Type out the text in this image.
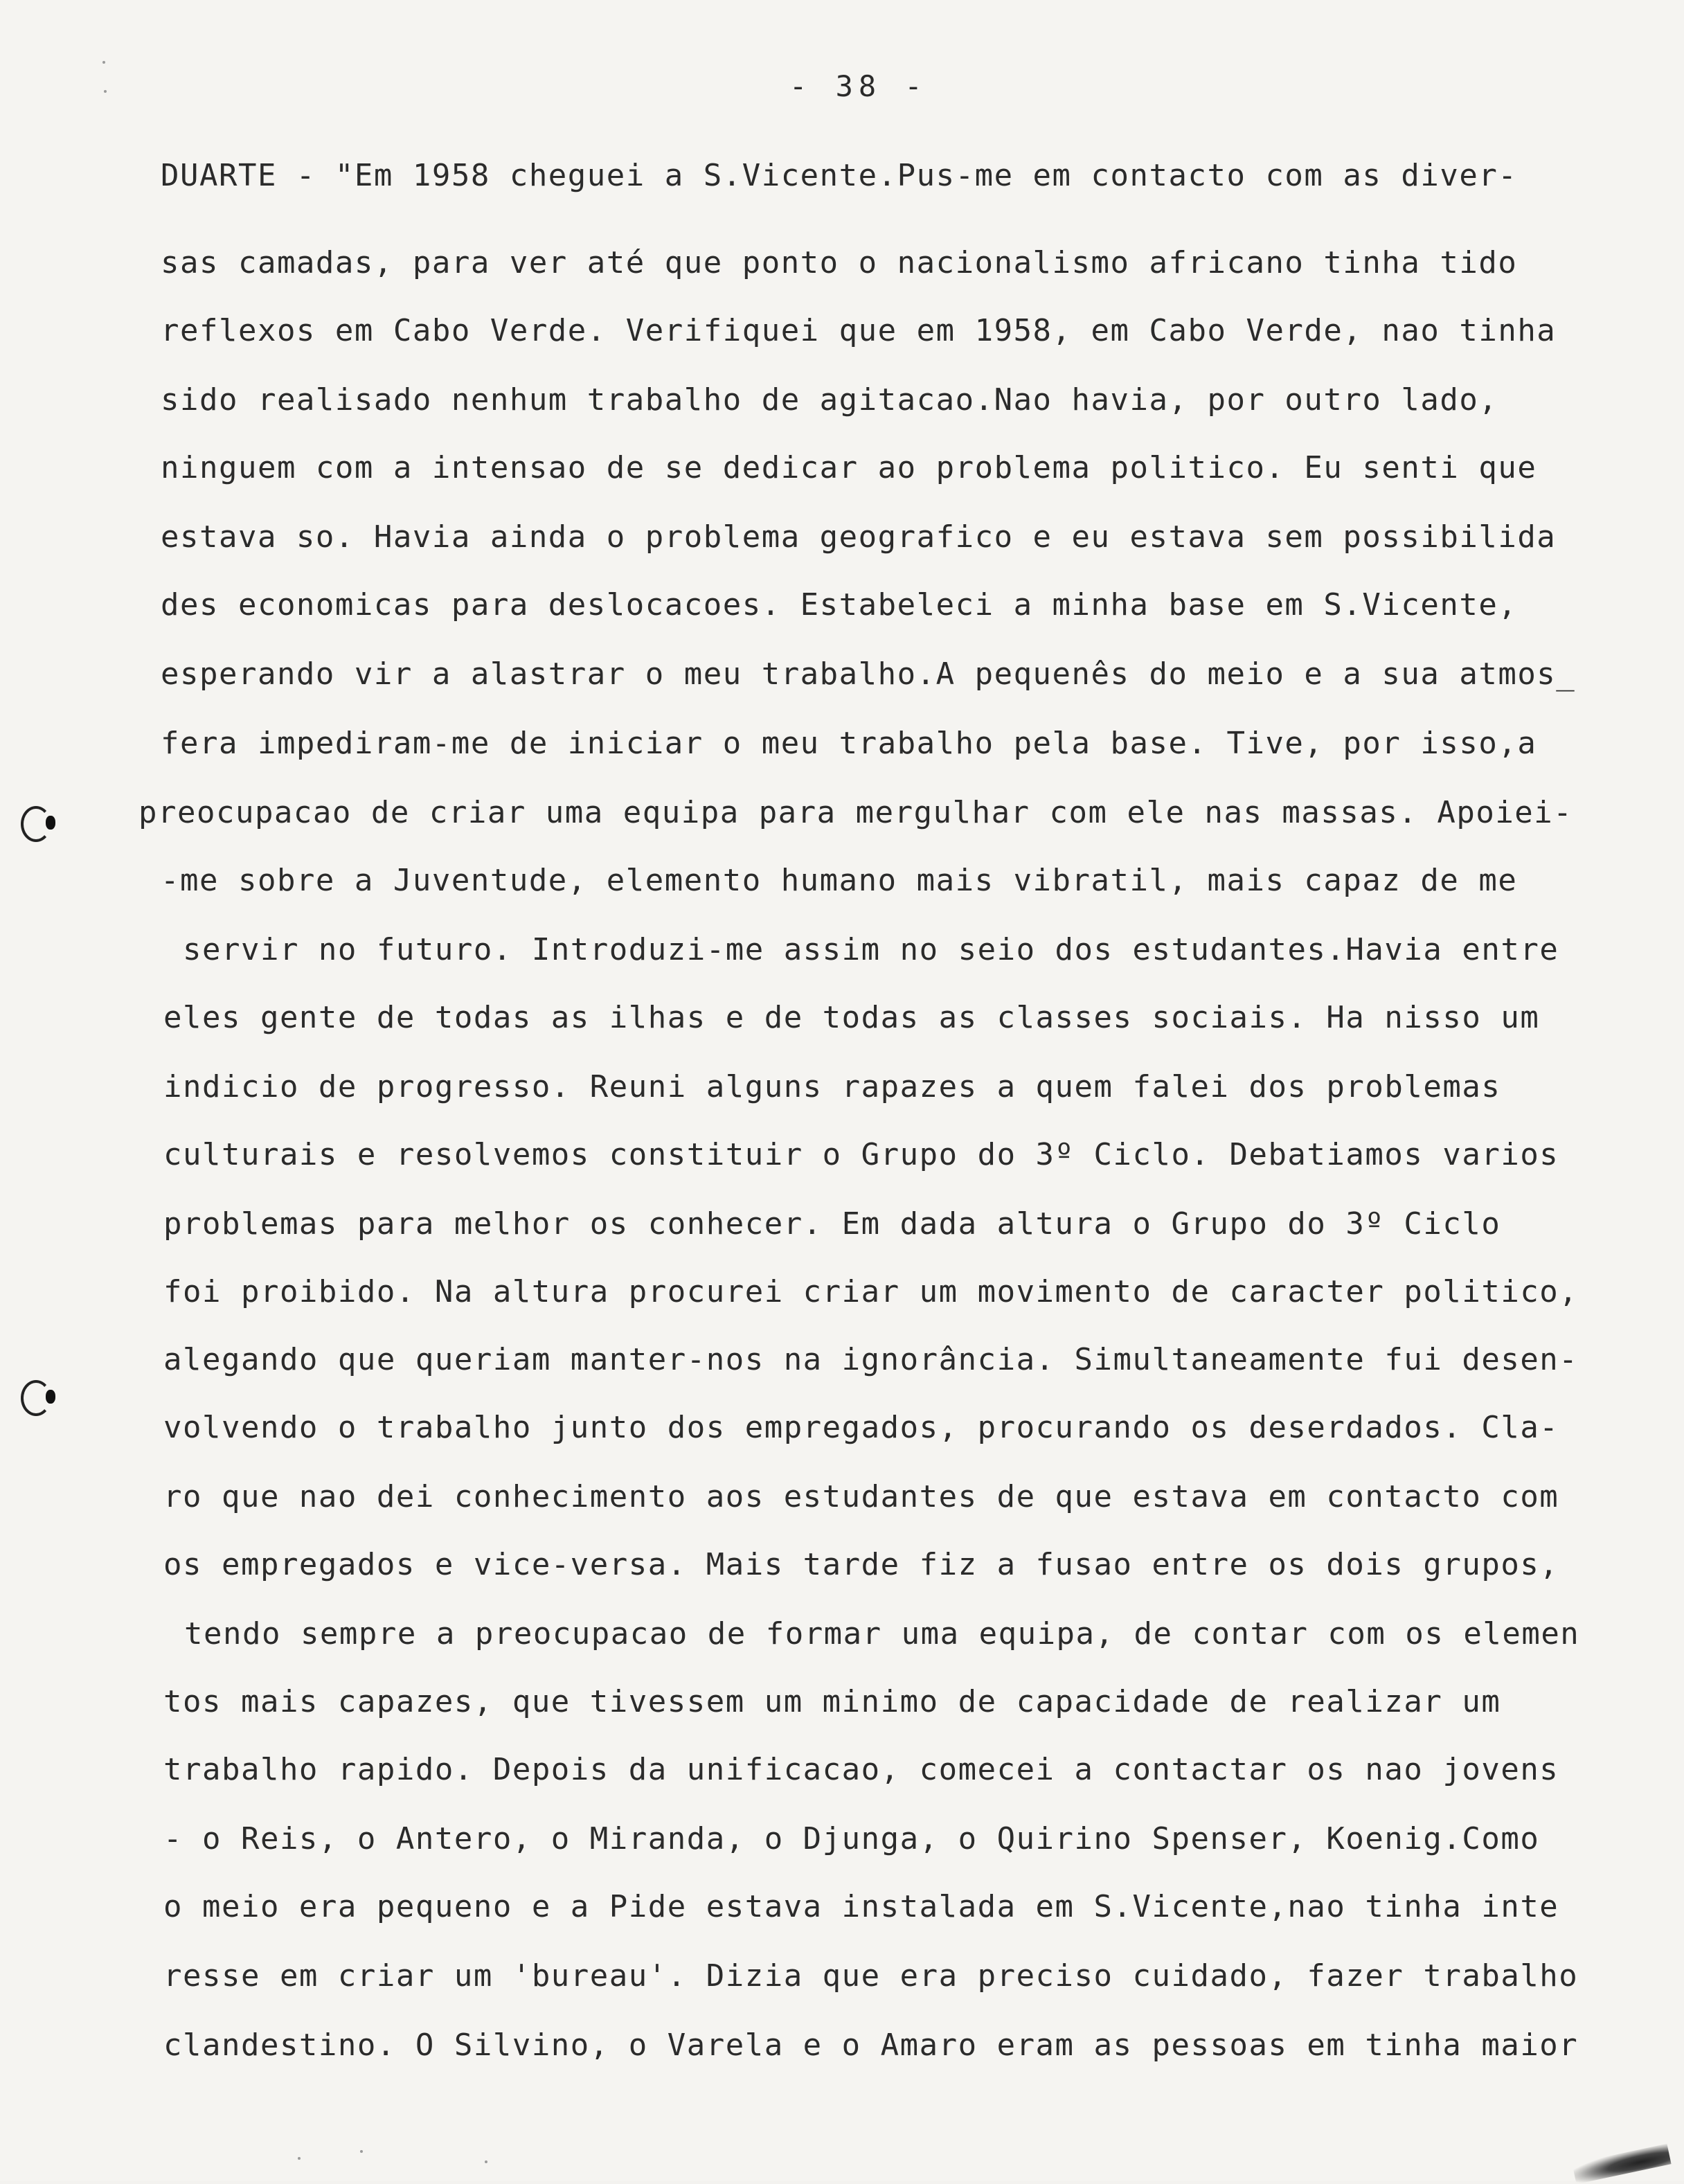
- 38 -
DUARTE - "Em 1958 cheguei a S.Vicente.Pus-me em contacto com as diver-
sas camadas, para ver até que ponto o nacionalismo africano tinha tido
reflexos em Cabo Verde. Verifiquei que em 1958, em Cabo Verde, nao tinha
sido realisado nenhum trabalho de agitacao.Nao havia, por outro lado,
ninguem com a intensao de se dedicar ao problema politico. Eu senti que
estava so. Havia ainda o problema geografico e eu estava sem possibilida
des economicas para deslocacoes. Estabeleci a minha base em S.Vicente,
esperando vir a alastrar o meu trabalho.A pequenês do meio e a sua atmos_
fera impediram-me de iniciar o meu trabalho pela base. Tive, por isso,a
preocupacao de criar uma equipa para mergulhar com ele nas massas. Apoiei-
-me sobre a Juventude, elemento humano mais vibratil, mais capaz de me
servir no futuro. Introduzi-me assim no seio dos estudantes.Havia entre
eles gente de todas as ilhas e de todas as classes sociais. Ha nisso um
indicio de progresso. Reuni alguns rapazes a quem falei dos problemas
culturais e resolvemos constituir o Grupo do 3º Ciclo. Debatiamos varios
problemas para melhor os conhecer. Em dada altura o Grupo do 3º Ciclo
foi proibido. Na altura procurei criar um movimento de caracter politico,
alegando que queriam manter-nos na ignorância. Simultaneamente fui desen-
volvendo o trabalho junto dos empregados, procurando os deserdados. Cla-
ro que nao dei conhecimento aos estudantes de que estava em contacto com
os empregados e vice-versa. Mais tarde fiz a fusao entre os dois grupos,
tendo sempre a preocupacao de formar uma equipa, de contar com os elemen
tos mais capazes, que tivessem um minimo de capacidade de realizar um
trabalho rapido. Depois da unificacao, comecei a contactar os nao jovens
- o Reis, o Antero, o Miranda, o Djunga, o Quirino Spenser, Koenig.Como
o meio era pequeno e a Pide estava instalada em S.Vicente,nao tinha inte
resse em criar um 'bureau'. Dizia que era preciso cuidado, fazer trabalho
clandestino. O Silvino, o Varela e o Amaro eram as pessoas em tinha maior
